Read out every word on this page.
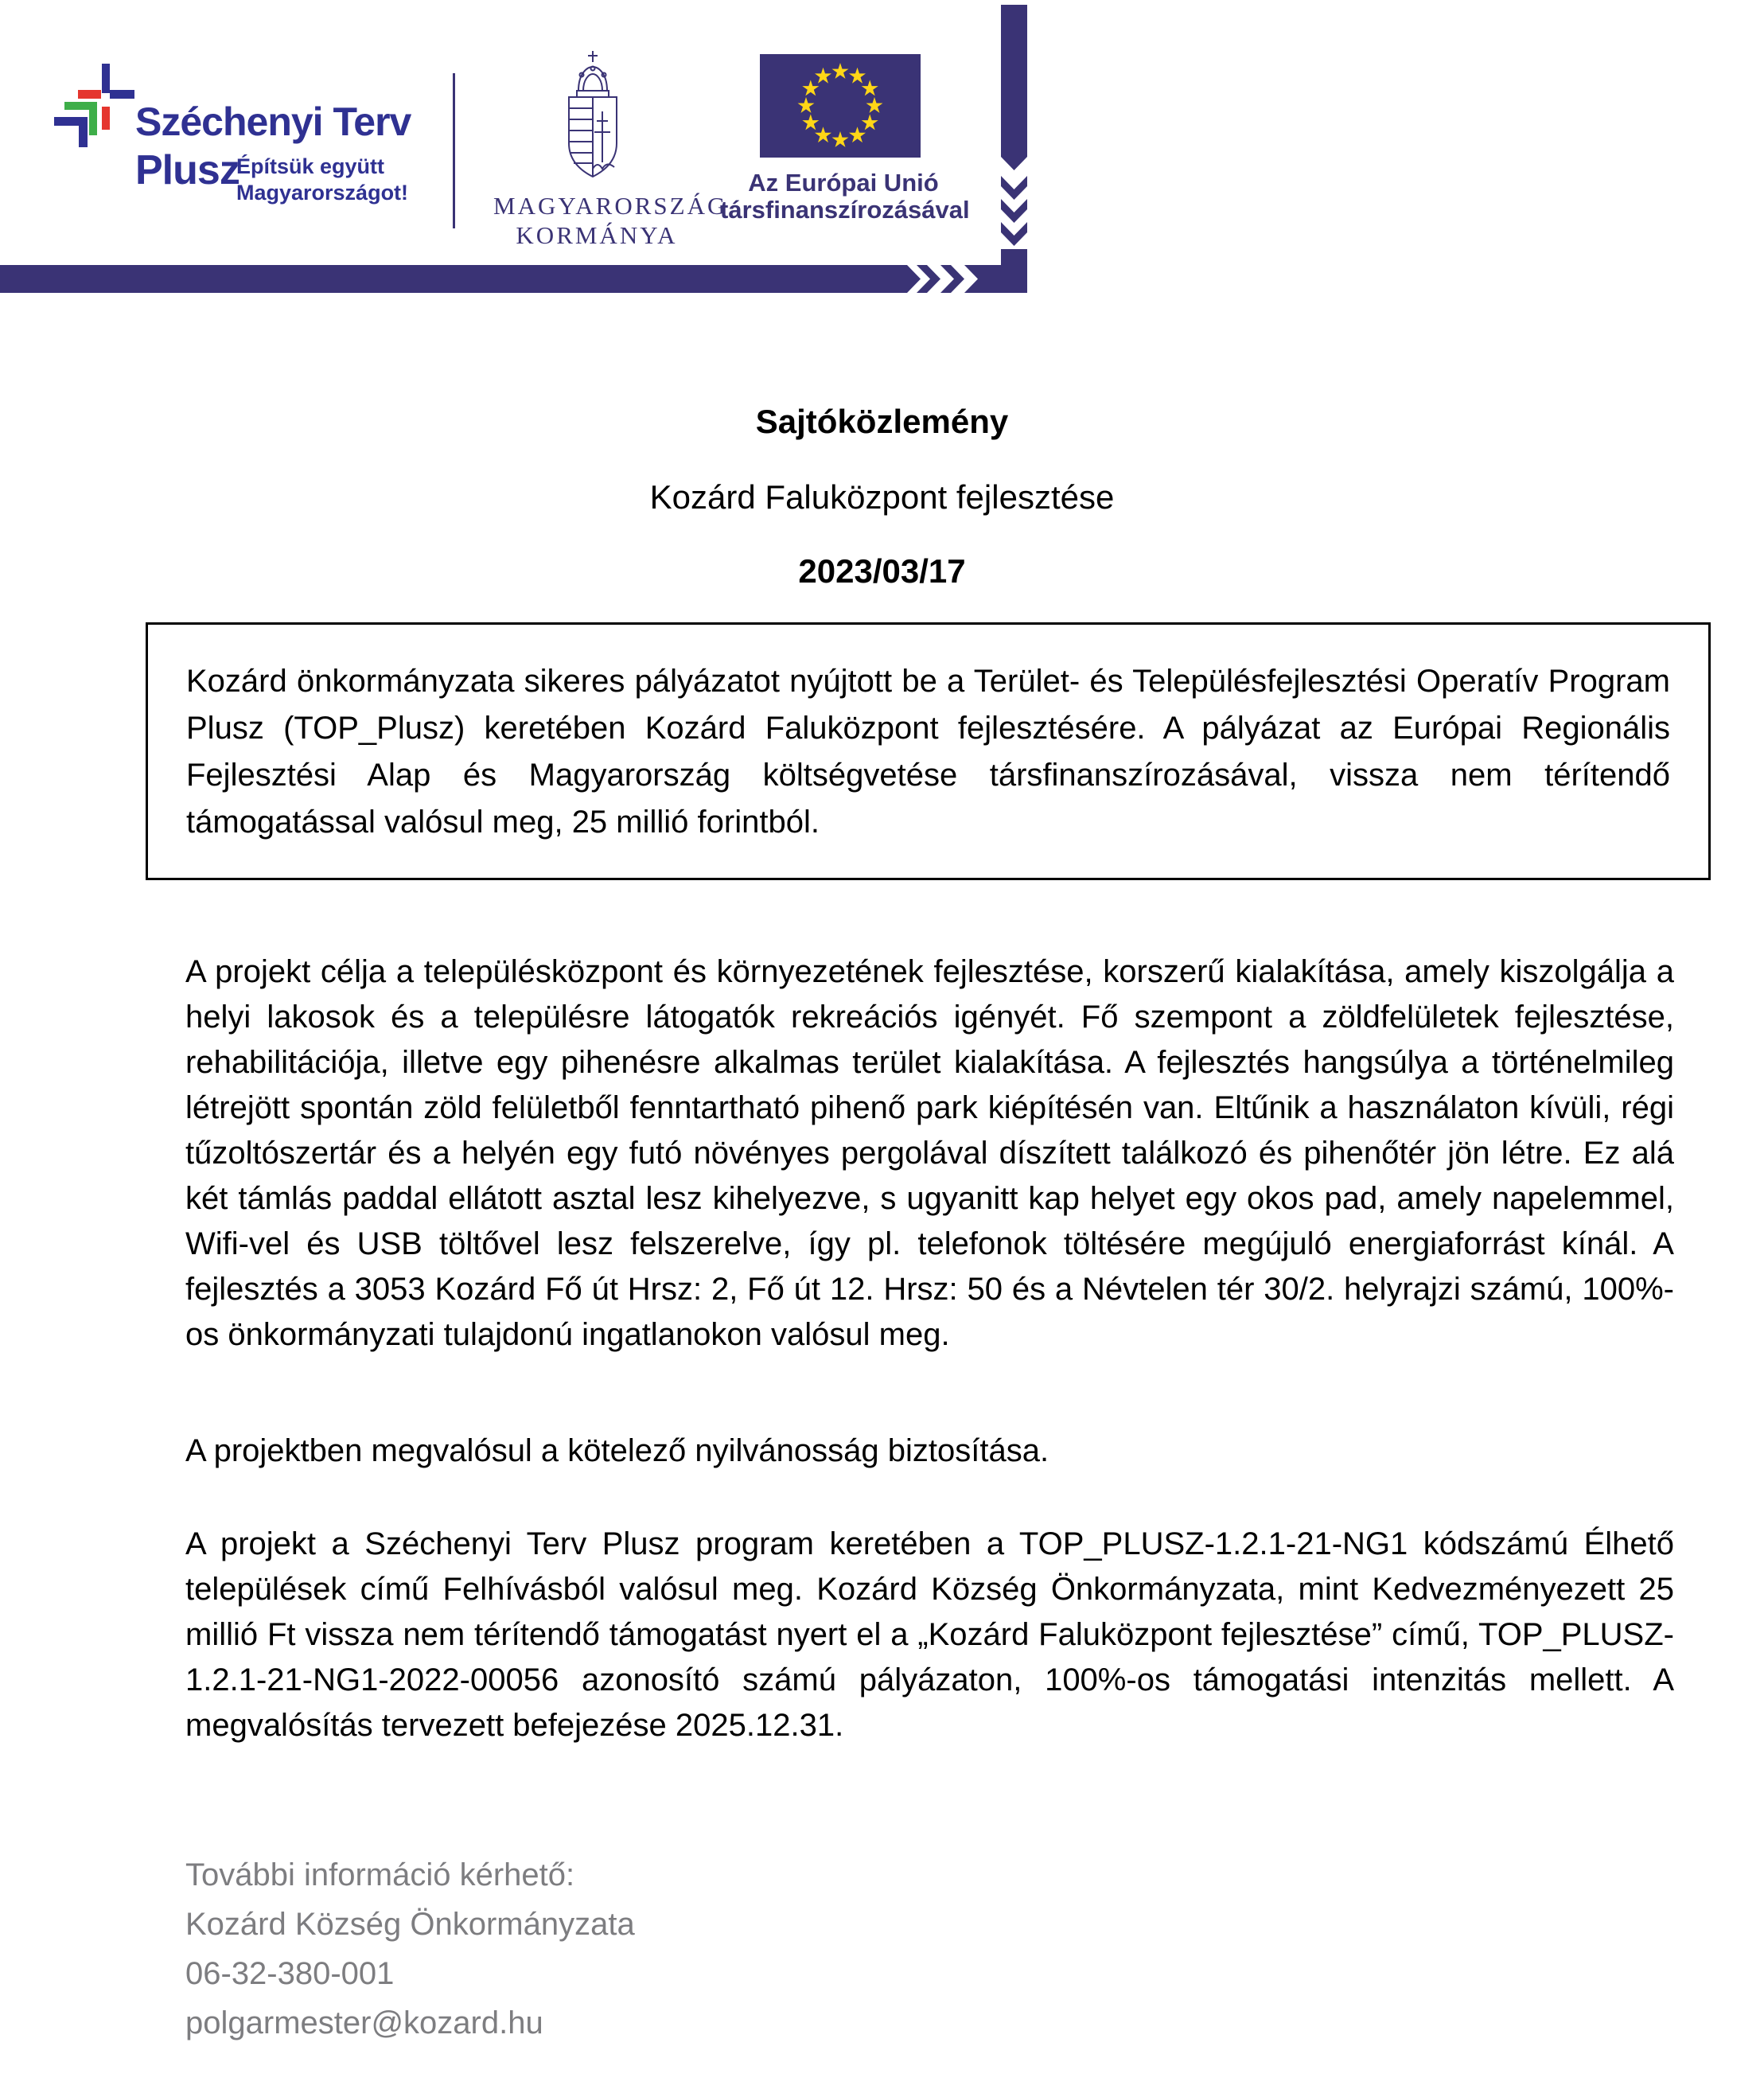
Széchenyi Terv
Plusz
Építsük együtt
Magyarországot!	MAGYARORSZÁG
KORMÁNYA
Az Európai Unió
társfinanszírozásával
Sajtóközlemény
Kozárd Faluközpont fejlesztése
2023/03/17

Kozárd önkormányzata sikeres pályázatot nyújtott be a Terület- és Településfejlesztési Operatív Program Plusz (TOP_Plusz) keretében Kozárd Faluközpont fejlesztésére. A pályázat az Európai Regionális Fejlesztési Alap és Magyarország költségvetése társfinanszírozásával, vissza nem térítendő támogatással valósul meg, 25 millió forintból.

A projekt célja a településközpont és környezetének fejlesztése, korszerű kialakítása, amely kiszolgálja a helyi lakosok és a településre látogatók rekreációs igényét. Fő szempont a zöldfelületek fejlesztése, rehabilitációja, illetve egy pihenésre alkalmas terület kialakítása. A fejlesztés hangsúlya a történelmileg létrejött spontán zöld felületből fenntartható pihenő park kiépítésén van. Eltűnik a használaton kívüli, régi tűzoltószertár és a helyén egy futó növényes pergolával díszített találkozó és pihenőtér jön létre. Ez alá két támlás paddal ellátott asztal lesz kihelyezve, s ugyanitt kap helyet egy okos pad, amely napelemmel, Wifi-vel és USB töltővel lesz felszerelve, így pl. telefonok töltésére megújuló energiaforrást kínál. A fejlesztés a 3053 Kozárd Fő út Hrsz: 2, Fő út 12. Hrsz: 50 és a Névtelen tér 30/2. helyrajzi számú, 100%-os önkormányzati tulajdonú ingatlanokon valósul meg.

A projektben megvalósul a kötelező nyilvánosság biztosítása.

A projekt a Széchenyi Terv Plusz program keretében a TOP_PLUSZ-1.2.1-21-NG1 kódszámú Élhető települések című Felhívásból valósul meg. Kozárd Község Önkormányzata, mint Kedvezményezett 25 millió Ft vissza nem térítendő támogatást nyert el a „Kozárd Faluközpont fejlesztése” című, TOP_PLUSZ-1.2.1-21-NG1-2022-00056 azonosító számú pályázaton, 100%-os támogatási intenzitás mellett. A megvalósítás tervezett befejezése 2025.12.31.

További információ kérhető:

Kozárd Község Önkormányzata

06-32-380-001

polgarmester@kozard.hu
